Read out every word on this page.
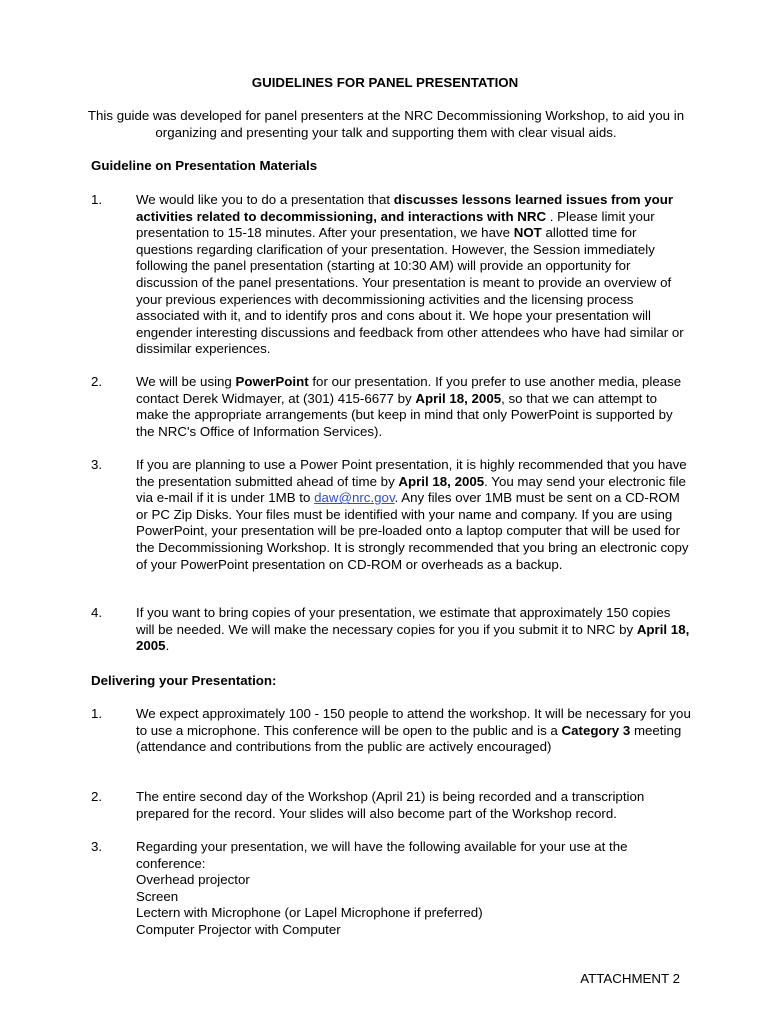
GUIDELINES FOR PANEL PRESENTATION
This guide was developed for panel presenters at the NRC Decommissioning Workshop, to aid you in organizing and presenting your talk and supporting them with clear visual aids.
Guideline on Presentation Materials
1.	We would like you to do a presentation that discusses lessons learned issues from your activities related to decommissioning, and interactions with NRC . Please limit your presentation to 15-18 minutes. After your presentation, we have NOT allotted time for questions regarding clarification of your presentation. However, the Session immediately following the panel presentation (starting at 10:30 AM) will provide an opportunity for discussion of the panel presentations. Your presentation is meant to provide an overview of your previous experiences with decommissioning activities and the licensing process associated with it, and to identify pros and cons about it. We hope your presentation will engender interesting discussions and feedback from other attendees who have had similar or dissimilar experiences.
2.	We will be using PowerPoint for our presentation. If you prefer to use another media, please contact Derek Widmayer, at (301) 415-6677 by April 18, 2005, so that we can attempt to make the appropriate arrangements (but keep in mind that only PowerPoint is supported by the NRC's Office of Information Services).
3.	If you are planning to use a Power Point presentation, it is highly recommended that you have the presentation submitted ahead of time by April 18, 2005. You may send your electronic file via e-mail if it is under 1MB to daw@nrc.gov. Any files over 1MB must be sent on a CD-ROM or PC Zip Disks. Your files must be identified with your name and company. If you are using PowerPoint, your presentation will be pre-loaded onto a laptop computer that will be used for the Decommissioning Workshop. It is strongly recommended that you bring an electronic copy of your PowerPoint presentation on CD-ROM or overheads as a backup.
4.	If you want to bring copies of your presentation, we estimate that approximately 150 copies will be needed. We will make the necessary copies for you if you submit it to NRC by April 18, 2005.
Delivering your Presentation:
1.	We expect approximately 100 - 150 people to attend the workshop. It will be necessary for you to use a microphone. This conference will be open to the public and is a Category 3 meeting (attendance and contributions from the public are actively encouraged)
2.	The entire second day of the Workshop (April 21) is being recorded and a transcription prepared for the record. Your slides will also become part of the Workshop record.
3.	Regarding your presentation, we will have the following available for your use at the conference:
Overhead projector
Screen
Lectern with Microphone (or Lapel Microphone if preferred)
Computer Projector with Computer
ATTACHMENT 2
